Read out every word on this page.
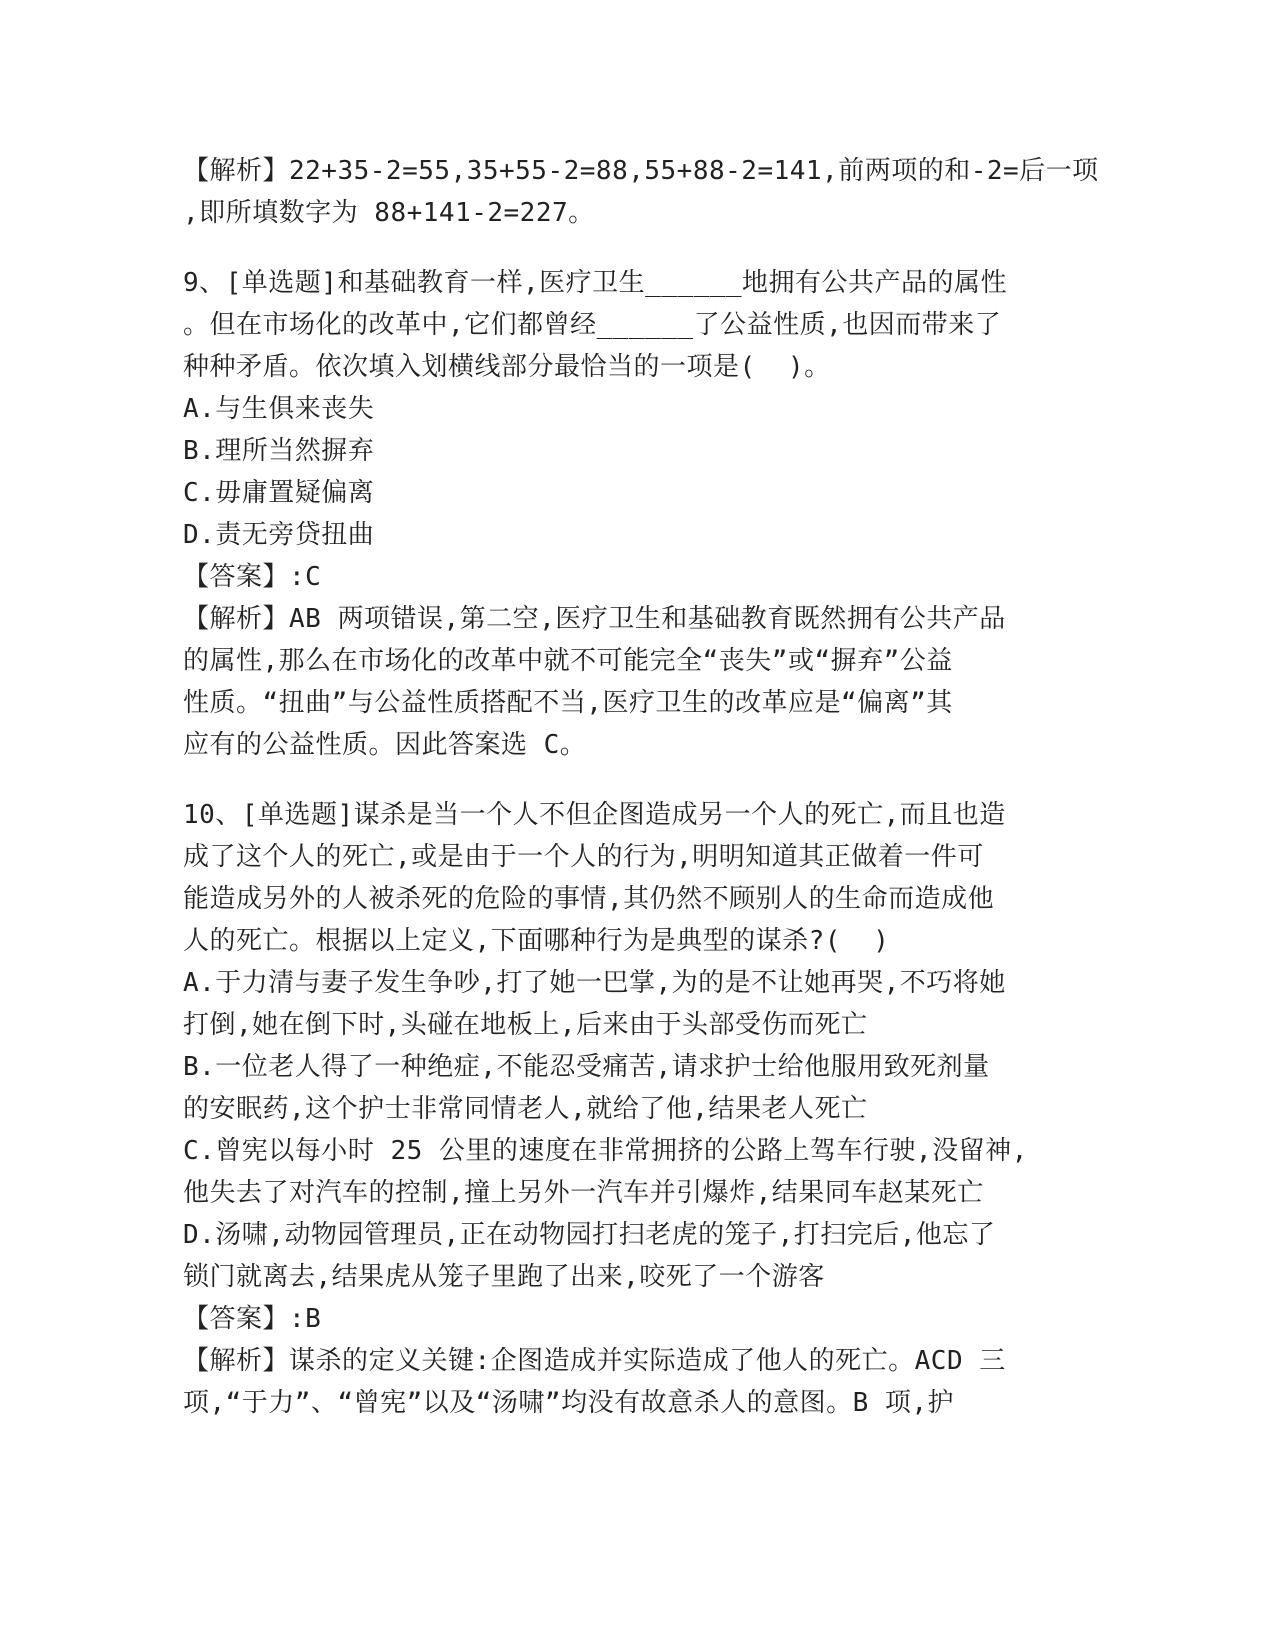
【解析】22+35-2=55,35+55-2=88,55+88-2=141,前两项的和-2=后一项
,即所填数字为 88+141-2=227。
9、[单选题]和基础教育一样,医疗卫生______地拥有公共产品的属性
。但在市场化的改革中,它们都曾经______了公益性质,也因而带来了
种种矛盾。依次填入划横线部分最恰当的一项是(  )。
A.与生俱来丧失
B.理所当然摒弃
C.毋庸置疑偏离
D.责无旁贷扭曲
【答案】:C
【解析】AB 两项错误,第二空,医疗卫生和基础教育既然拥有公共产品
的属性,那么在市场化的改革中就不可能完全“丧失”或“摒弃”公益
性质。“扭曲”与公益性质搭配不当,医疗卫生的改革应是“偏离”其
应有的公益性质。因此答案选 C。
10、[单选题]谋杀是当一个人不但企图造成另一个人的死亡,而且也造
成了这个人的死亡,或是由于一个人的行为,明明知道其正做着一件可
能造成另外的人被杀死的危险的事情,其仍然不顾别人的生命而造成他
人的死亡。根据以上定义,下面哪种行为是典型的谋杀?(  )
A.于力清与妻子发生争吵,打了她一巴掌,为的是不让她再哭,不巧将她
打倒,她在倒下时,头碰在地板上,后来由于头部受伤而死亡
B.一位老人得了一种绝症,不能忍受痛苦,请求护士给他服用致死剂量
的安眠药,这个护士非常同情老人,就给了他,结果老人死亡
C.曾宪以每小时 25 公里的速度在非常拥挤的公路上驾车行驶,没留神,
他失去了对汽车的控制,撞上另外一汽车并引爆炸,结果同车赵某死亡
D.汤啸,动物园管理员,正在动物园打扫老虎的笼子,打扫完后,他忘了
锁门就离去,结果虎从笼子里跑了出来,咬死了一个游客
【答案】:B
【解析】谋杀的定义关键:企图造成并实际造成了他人的死亡。ACD 三
项,“于力”、“曾宪”以及“汤啸”均没有故意杀人的意图。B 项,护
